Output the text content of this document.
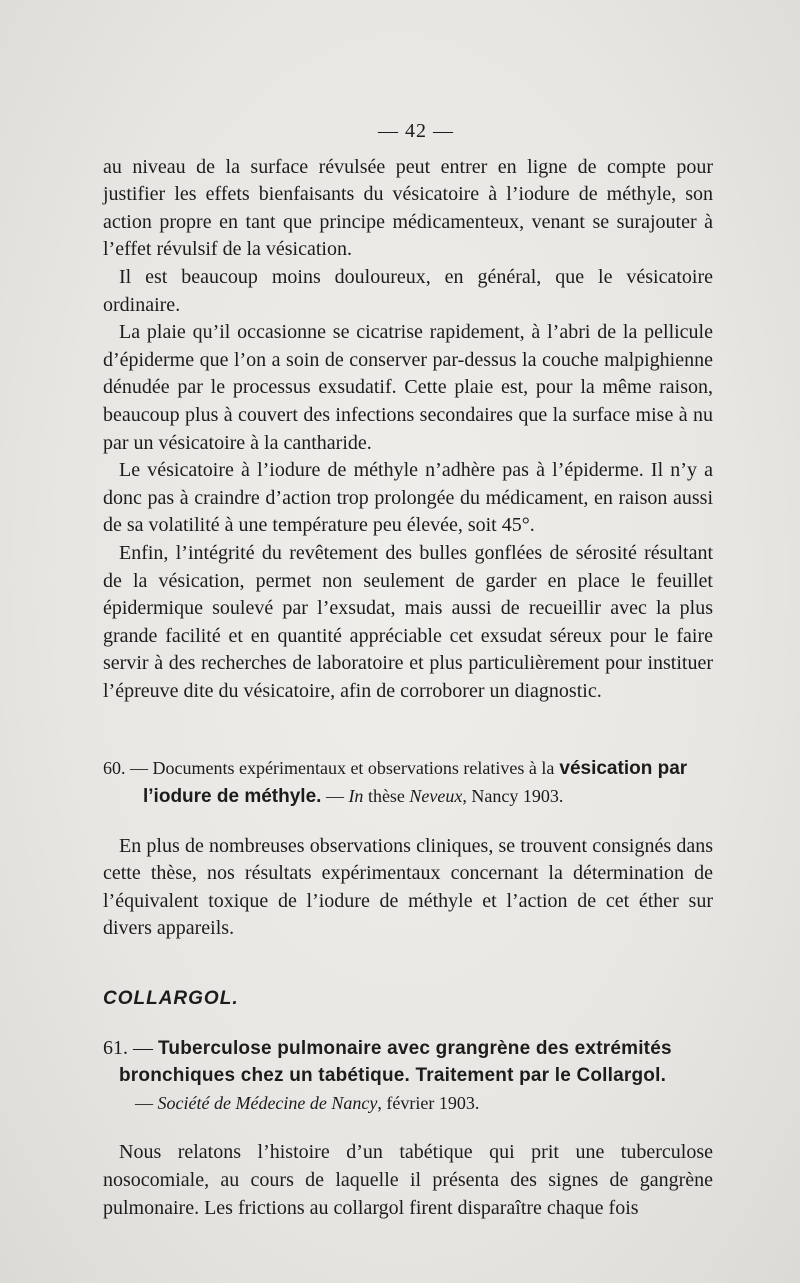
— 42 —

au niveau de la surface révulsée peut entrer en ligne de compte pour justifier les effets bienfaisants du vésicatoire à l’iodure de méthyle, son action propre en tant que principe médicamenteux, venant se surajouter à l’effet révulsif de la vésication.

Il est beaucoup moins douloureux, en général, que le vésicatoire ordinaire.

La plaie qu’il occasionne se cicatrise rapidement, à l’abri de la pellicule d’épiderme que l’on a soin de conserver par-dessus la couche malpighienne dénudée par le processus exsudatif. Cette plaie est, pour la même raison, beaucoup plus à couvert des infections secondaires que la surface mise à nu par un vésicatoire à la cantharide.

Le vésicatoire à l’iodure de méthyle n’adhère pas à l’épiderme. Il n’y a donc pas à craindre d’action trop prolongée du médicament, en raison aussi de sa volatilité à une température peu élevée, soit 45°.

Enfin, l’intégrité du revêtement des bulles gonflées de sérosité résultant de la vésication, permet non seulement de garder en place le feuillet épidermique soulevé par l’exsudat, mais aussi de recueillir avec la plus grande facilité et en quantité appréciable cet exsudat séreux pour le faire servir à des recherches de laboratoire et plus particulièrement pour instituer l’épreuve dite du vésicatoire, afin de corroborer un diagnostic.

60. — Documents expérimentaux et observations relatives à la vésication par l’iodure de méthyle. — In thèse Neveux, Nancy 1903.

En plus de nombreuses observations cliniques, se trouvent consignés dans cette thèse, nos résultats expérimentaux concernant la détermination de l’équivalent toxique de l’iodure de méthyle et l’action de cet éther sur divers appareils.

COLLARGOL.

61. — Tuberculose pulmonaire avec grangrène des extrémités bronchiques chez un tabétique. Traitement par le Collargol.
— Société de Médecine de Nancy, février 1903.

Nous relatons l’histoire d’un tabétique qui prit une tuberculose nosocomiale, au cours de laquelle il présenta des signes de gangrène pulmonaire. Les frictions au collargol firent disparaître chaque fois
